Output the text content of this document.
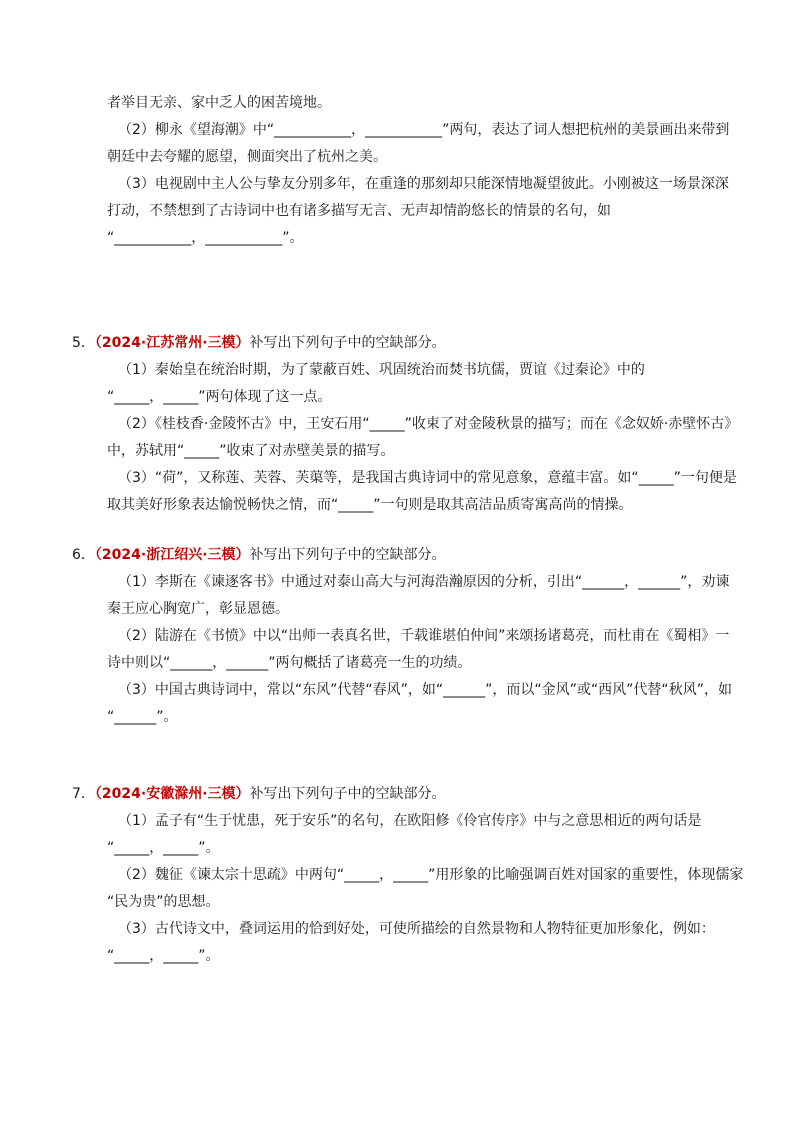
者举目无亲、家中乏人的困苦境地。
（2）柳永《望海潮》中“___________，___________”两句，表达了词人想把杭州的美景画出来带到
朝廷中去夸耀的愿望，侧面突出了杭州之美。
（3）电视剧中主人公与挚友分别多年，在重逢的那刻却只能深情地凝望彼此。小刚被这一场景深深
打动，不禁想到了古诗词中也有诸多描写无言、无声却情韵悠长的情景的名句，如
“___________，___________”。
5．（2024·江苏常州·三模）补写出下列句子中的空缺部分。
（1）秦始皇在统治时期，为了蒙蔽百姓、巩固统治而焚书坑儒，贾谊《过秦论》中的
“_____，_____”两句体现了这一点。
（2）《桂枝香·金陵怀古》中，王安石用“_____”收束了对金陵秋景的描写；而在《念奴娇·赤壁怀古》
中，苏轼用“_____”收束了对赤壁美景的描写。
（3）“荷”，又称莲、芙蓉、芙蕖等，是我国古典诗词中的常见意象，意蕴丰富。如“_____”一句便是
取其美好形象表达愉悦畅快之情，而“_____”一句则是取其高洁品质寄寓高尚的情操。
6．（2024·浙江绍兴·三模）补写出下列句子中的空缺部分。
（1）李斯在《谏逐客书》中通过对泰山高大与河海浩瀚原因的分析，引出“______，______”，劝谏
秦王应心胸宽广，彰显恩德。
（2）陆游在《书愤》中以“出师一表真名世，千载谁堪伯仲间”来颂扬诸葛亮，而杜甫在《蜀相》一
诗中则以“______，______”两句概括了诸葛亮一生的功绩。
（3）中国古典诗词中，常以“东风”代替“春风”，如“______”，而以“金风”或“西风”代替“秋风”，如
“______”。
7．（2024·安徽滁州·三模）补写出下列句子中的空缺部分。
（1）孟子有“生于忧患，死于安乐”的名句，在欧阳修《伶官传序》中与之意思相近的两句话是
“_____，_____”。
（2）魏征《谏太宗十思疏》中两句“_____，_____”用形象的比喻强调百姓对国家的重要性，体现儒家
“民为贵”的思想。
（3）古代诗文中，叠词运用的恰到好处，可使所描绘的自然景物和人物特征更加形象化，例如：
“_____，_____”。
